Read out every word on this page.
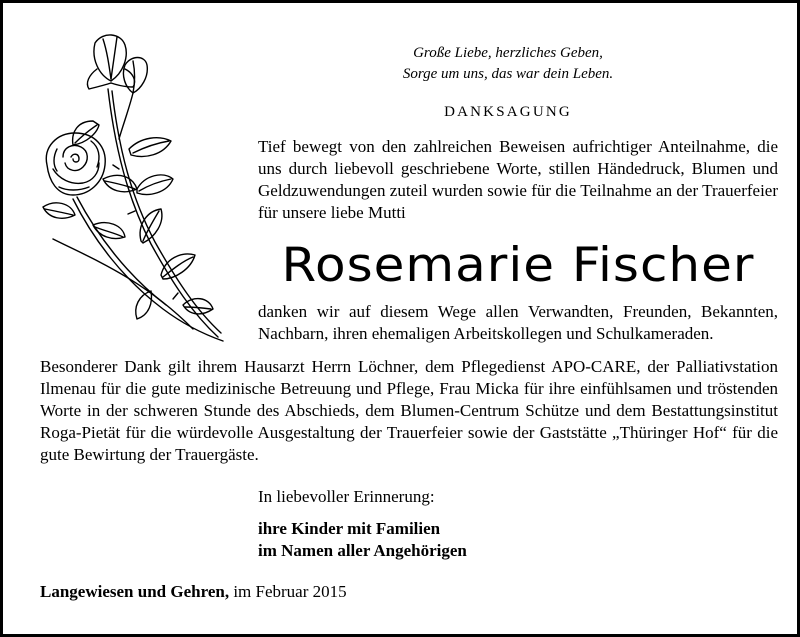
Große Liebe, herzliches Geben,
Sorge um uns, das war dein Leben.
DANKSAGUNG
Tief bewegt von den zahlreichen Beweisen aufrichtiger Anteilnahme, die uns durch liebevoll geschriebene Worte, stillen Händedruck, Blumen und Geldzuwendungen zuteil wurden sowie für die Teilnahme an der Trauerfeier für unsere liebe Mutti
Rosemarie Fischer
danken wir auf diesem Wege allen Verwandten, Freunden, Bekannten, Nachbarn, ihren ehemaligen Arbeitskollegen und Schulkameraden.
Besonderer Dank gilt ihrem Hausarzt Herrn Löchner, dem Pflegedienst APO-CARE, der Palliativstation Ilmenau für die gute medizinische Betreuung und Pflege, Frau Micka für ihre einfühlsamen und tröstenden Worte in der schweren Stunde des Abschieds, dem Blumen-Centrum Schütze und dem Bestattungsinstitut Roga-Pietät für die würdevolle Ausgestaltung der Trauerfeier sowie der Gaststätte „Thüringer Hof“ für die gute Bewirtung der Trauergäste.
In liebevoller Erinnerung:
ihre Kinder mit Familien
im Namen aller Angehörigen
Langewiesen und Gehren, im Februar 2015
